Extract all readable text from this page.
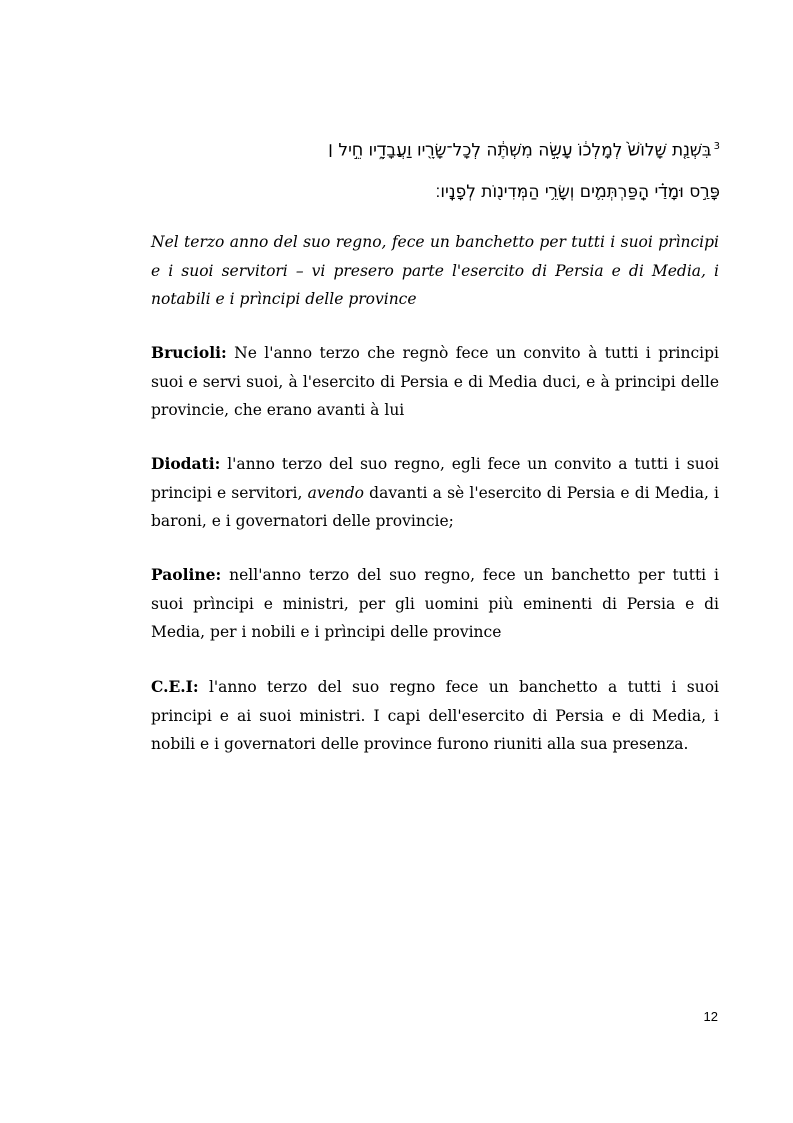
$^3$בִּשְׁנַ֤ת שָׁלוֹשׁ֙ לְמָלְכ֔וֹ עָשָׂ֣ה מִשְׁתֶּ֔ה לְכָל־שָׂרָ֖יו וַעֲבָדָ֑יו חֵ֣יל ׀
פָּרַ֣ס וּמָדַ֗י הַֽפַּרְתְּמִ֛ים וְשָׂרֵ֥י הַמְּדִינ֖וֹת לְפָנָֽיו׃

Nel terzo anno del suo regno, fece un banchetto per tutti i suoi prìncipi e i suoi servitori – vi presero parte l'esercito di Persia e di Media, i notabili e i prìncipi delle province

Brucioli: Ne l'anno terzo che regnò fece un convito à tutti i principi suoi e servi suoi, à l'esercito di Persia e di Media duci, e à principi delle provincie, che erano avanti à lui

Diodati: l'anno terzo del suo regno, egli fece un convito a tutti i suoi principi e servitori, avendo davanti a sè l'esercito di Persia e di Media, i baroni, e i governatori delle provincie;

Paoline: nell'anno terzo del suo regno, fece un banchetto per tutti i suoi prìncipi e ministri, per gli uomini più eminenti di Persia e di Media, per i nobili e i prìncipi delle province

C.E.I: l'anno terzo del suo regno fece un banchetto a tutti i suoi principi e ai suoi ministri. I capi dell'esercito di Persia e di Media, i nobili e i governatori delle province furono riuniti alla sua presenza.

12
